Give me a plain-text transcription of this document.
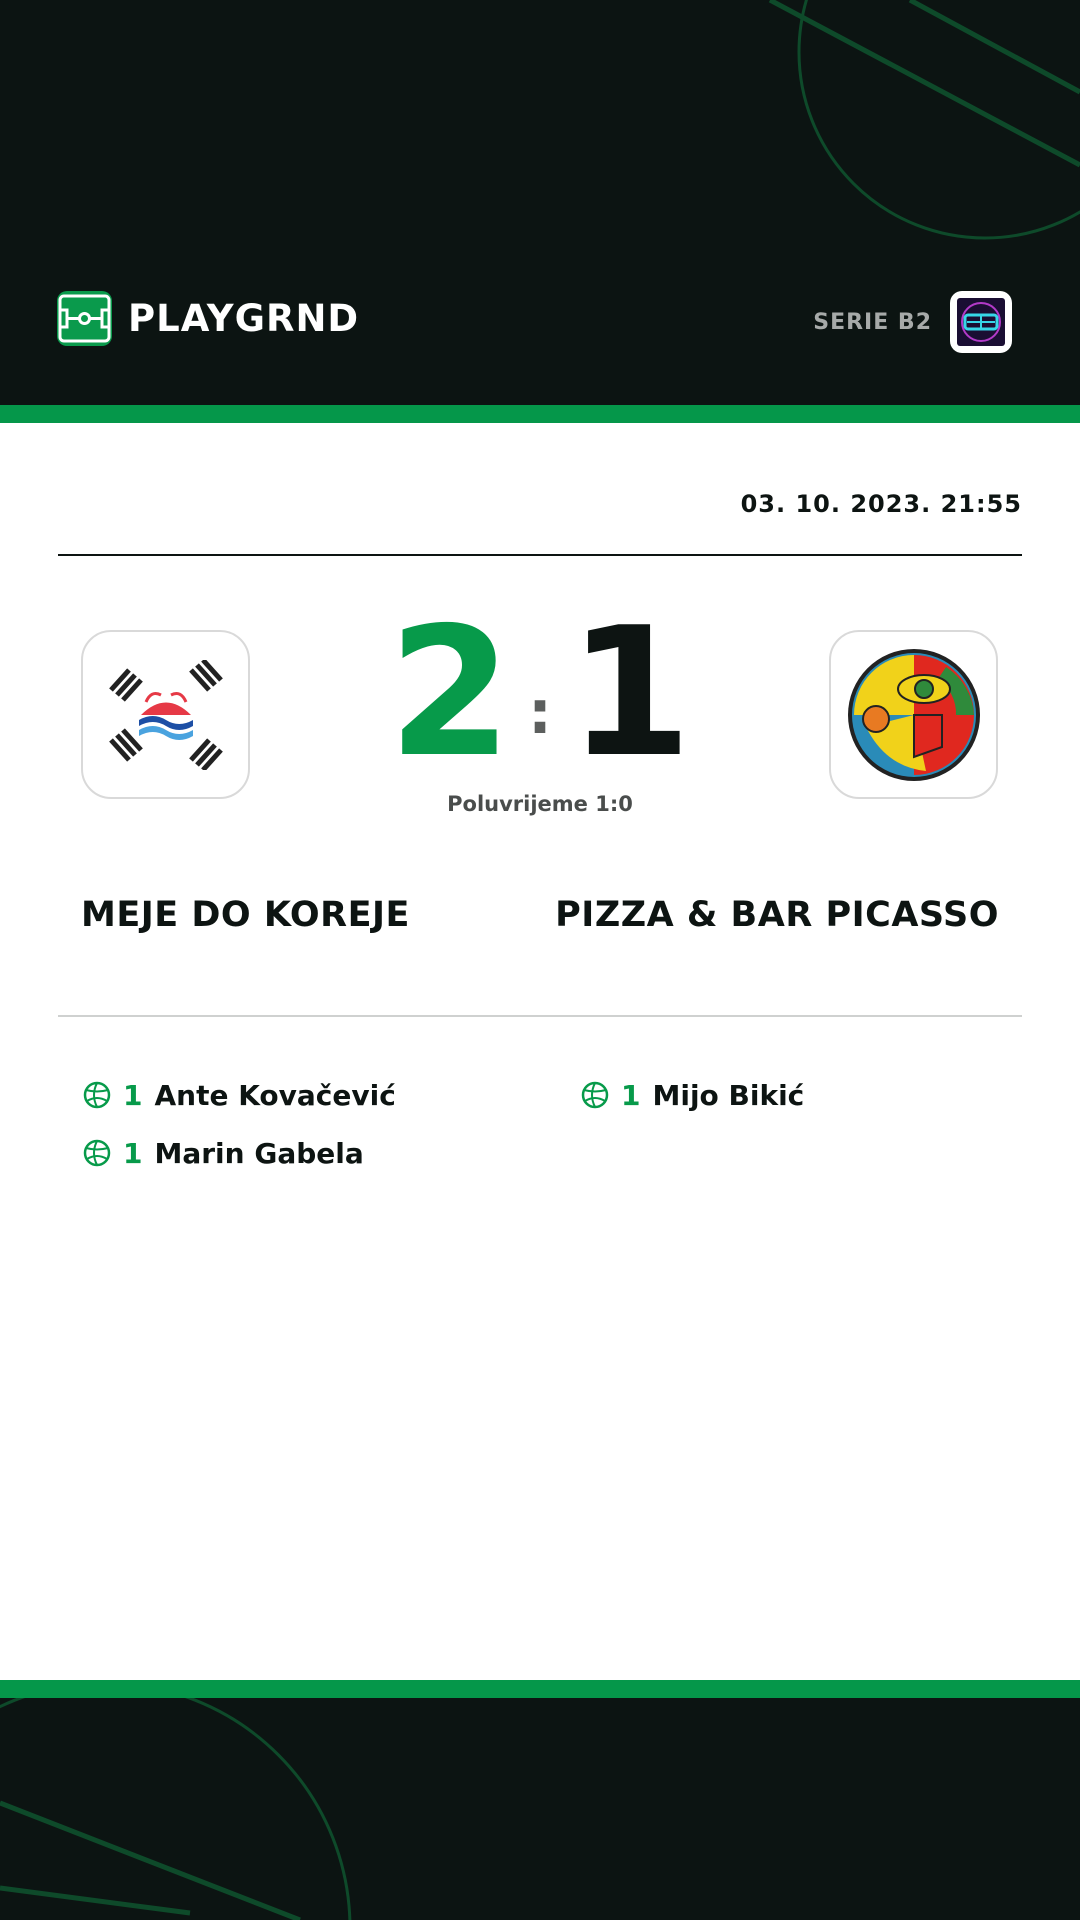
PLAYGRND	SERIE B2
03. 10. 2023. 21:55
2 : 1
Poluvrijeme 1:0
MEJE DO KOREJE	PIZZA & BAR PICASSO
1 Ante Kovačević
1 Marin Gabela
1 Mijo Bikić
